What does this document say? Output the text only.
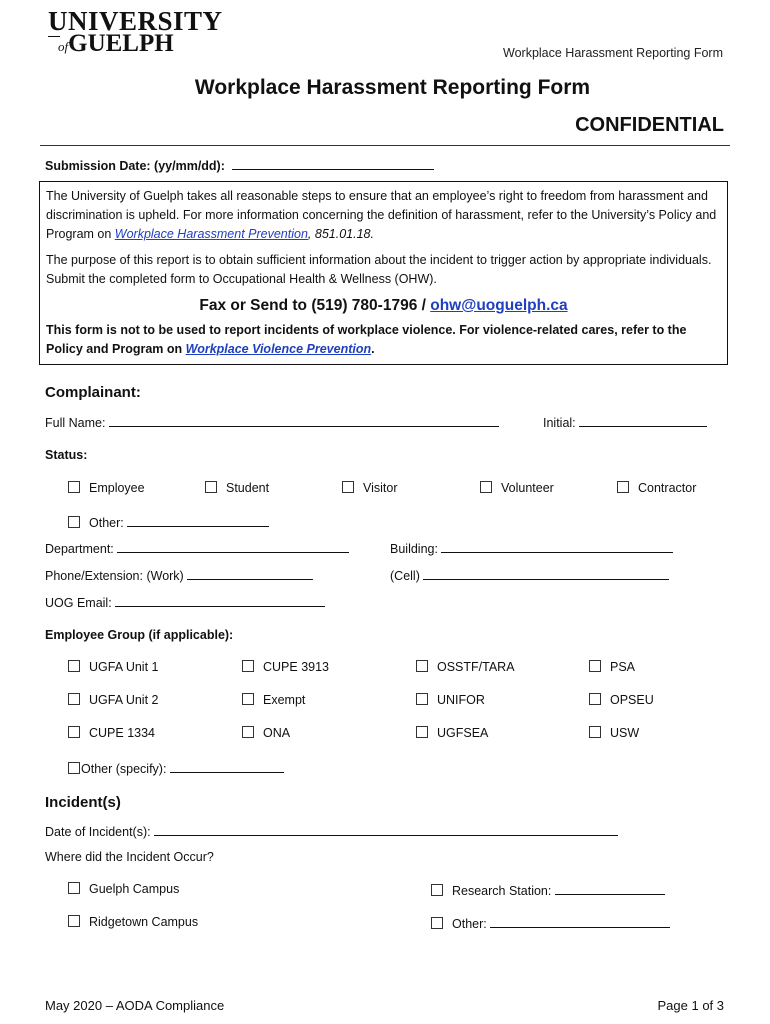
UNIVERSITY
ofGUELPH	Workplace Harassment Reporting Form
Workplace Harassment Reporting Form
CONFIDENTIAL
Submission Date: (yy/mm/dd):

The University of Guelph takes all reasonable steps to ensure that an employee’s right to freedom from harassment and discrimination is upheld. For more information concerning the definition of harassment, refer to the University’s Policy and Program on Workplace Harassment Prevention, 851.01.18.

The purpose of this report is to obtain sufficient information about the incident to trigger action by appropriate individuals. Submit the completed form to Occupational Health & Wellness (OHW).

Fax or Send to (519) 780-1796 / ohw@uoguelph.ca

This form is not to be used to report incidents of workplace violence. For violence-related cares, refer to the Policy and Program on Workplace Violence Prevention.

Complainant:
Full Name:	Initial:
Status:
Employee	Student	Visitor	Volunteer	Contractor
Other:
Department:	Building:
Phone/Extension: (Work)	(Cell)
UOG Email:
Employee Group (if applicable):
UGFA Unit 1	CUPE 3913	OSSTF/TARA	PSA
UGFA Unit 2	Exempt	UNIFOR	OPSEU
CUPE 1334	ONA	UGFSEA	USW
Other (specify):
Incident(s)
Date of Incident(s):
Where did the Incident Occur?
Guelph Campus	Research Station:
Ridgetown Campus	Other:
May 2020 – AODA Compliance	Page 1 of 3
